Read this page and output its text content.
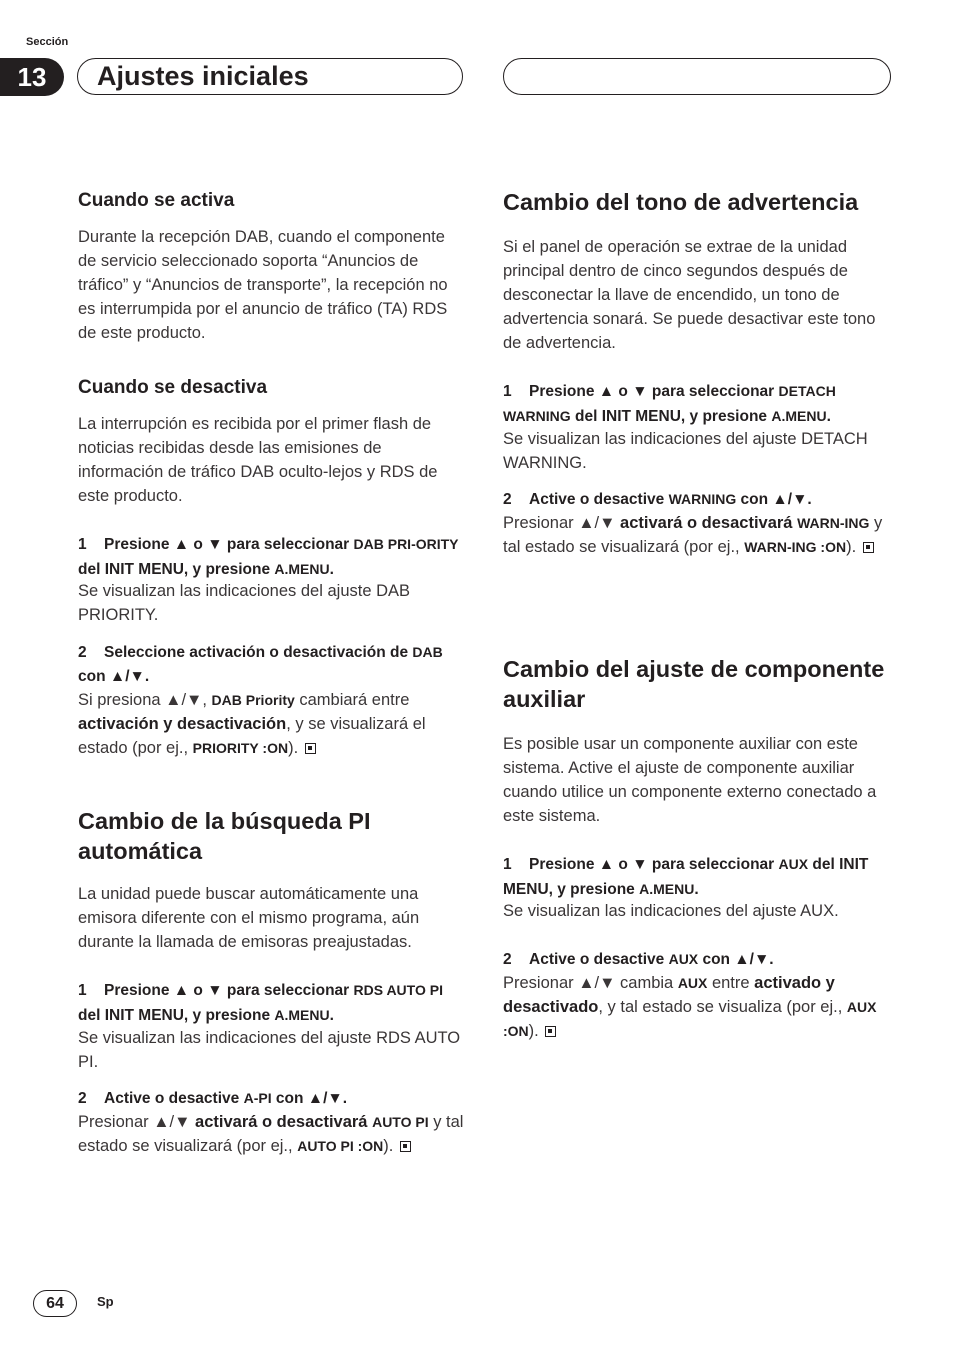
Sección
13	Ajustes iniciales
Cuando se activa
Durante la recepción DAB, cuando el componente de servicio seleccionado soporta “Anuncios de tráfico” y “Anuncios de transporte”, la recepción no es interrumpida por el anuncio de tráfico (TA) RDS de este producto.
Cuando se desactiva
La interrupción es recibida por el primer flash de noticias recibidas desde las emisiones de información de tráfico DAB oculto-lejos y RDS de este producto.
1 Presione ▲ o ▼ para seleccionar DAB PRI-ORITY del INIT MENU, y presione A.MENU.
Se visualizan las indicaciones del ajuste DAB PRIORITY.
2 Seleccione activación o desactivación de DAB con ▲/▼.
Si presiona ▲/▼, DAB Priority cambiará entre activación y desactivación, y se visualizará el estado (por ej., PRIORITY :ON).
Cambio de la búsqueda PI automática
La unidad puede buscar automáticamente una emisora diferente con el mismo programa, aún durante la llamada de emisoras preajustadas.
1 Presione ▲ o ▼ para seleccionar RDS AUTO PI del INIT MENU, y presione A.MENU.
Se visualizan las indicaciones del ajuste RDS AUTO PI.
2 Active o desactive A-PI con ▲/▼.
Presionar ▲/▼ activará o desactivará AUTO PI y tal estado se visualizará (por ej., AUTO PI :ON).
Cambio del tono de advertencia
Si el panel de operación se extrae de la unidad principal dentro de cinco segundos después de desconectar la llave de encendido, un tono de advertencia sonará. Se puede desactivar este tono de advertencia.
1 Presione ▲ o ▼ para seleccionar DETACH WARNING del INIT MENU, y presione A.MENU.
Se visualizan las indicaciones del ajuste DETACH WARNING.
2 Active o desactive WARNING con ▲/▼.
Presionar ▲/▼ activará o desactivará WARN-ING y tal estado se visualizará (por ej., WARN-ING :ON).
Cambio del ajuste de componente auxiliar
Es posible usar un componente auxiliar con este sistema. Active el ajuste de componente auxiliar cuando utilice un componente externo conectado a este sistema.
1 Presione ▲ o ▼ para seleccionar AUX del INIT MENU, y presione A.MENU.
Se visualizan las indicaciones del ajuste AUX.
2 Active o desactive AUX con ▲/▼.
Presionar ▲/▼ cambia AUX entre activado y desactivado, y tal estado se visualiza (por ej., AUX :ON).
64	Sp
